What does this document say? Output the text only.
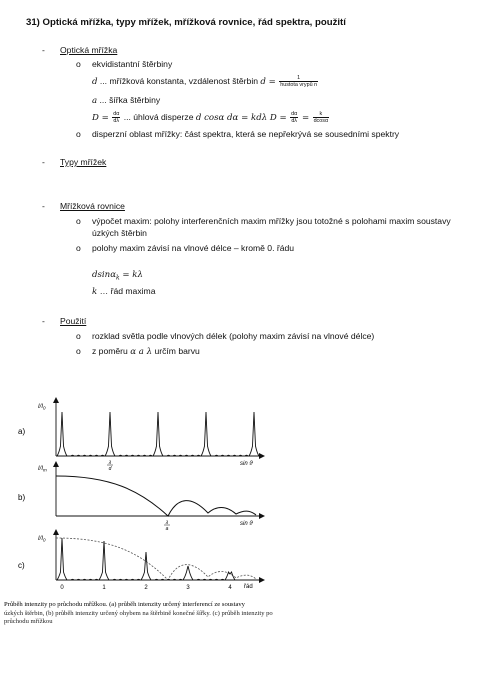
31) Optická mřížka, typy mřížek, mřížková rovnice, řád spektra, použití
- Optická mřížka
o ekvidistantní štěrbiny
d ... mřížková konstanta, vzdálenost štěrbin $d = \frac{1}{\text{hustota vrypů n}}$
a ... šířka štěrbiny
$D = \frac{d\alpha}{d\lambda}$ ... úhlová disperze d cosα dα = kdλ $D = \frac{d\alpha}{d\lambda} = \frac{k}{dcos\alpha}$
o disperzní oblast mřížky: část spektra, která se nepřekrývá se sousedními spektry
- Typy mřížek
- Mřížková rovnice
o výpočet maxim: polohy interferenčních maxim mřížky jsou totožné s polohami maxim soustavy
úzkých štěrbin
o polohy maxim závisí na vlnové délce – kromě 0. řádu
dsinα$_k$ = kλ
k … řád maxima
- Použití
o rozklad světla podle vlnových délek (polohy maxim závisí na vlnové délce)
o z poměru α a λ určím barvu
a)
$I/I_0$
sin ϑ
λ
d
b)
$I/I_m$
sin ϑ
λ
a
c)
$I/I_0$
řád
0	1	2	3	4
Průběh intenzity po průchodu mřížkou. (a) průběh intenzity určený interferencí ze soustavy
úzkých štěrbin, (b) průběh intenzity určený ohybem na štěrbině konečné šířky. (c) průběh intenzity po
průchodu mřížkou
